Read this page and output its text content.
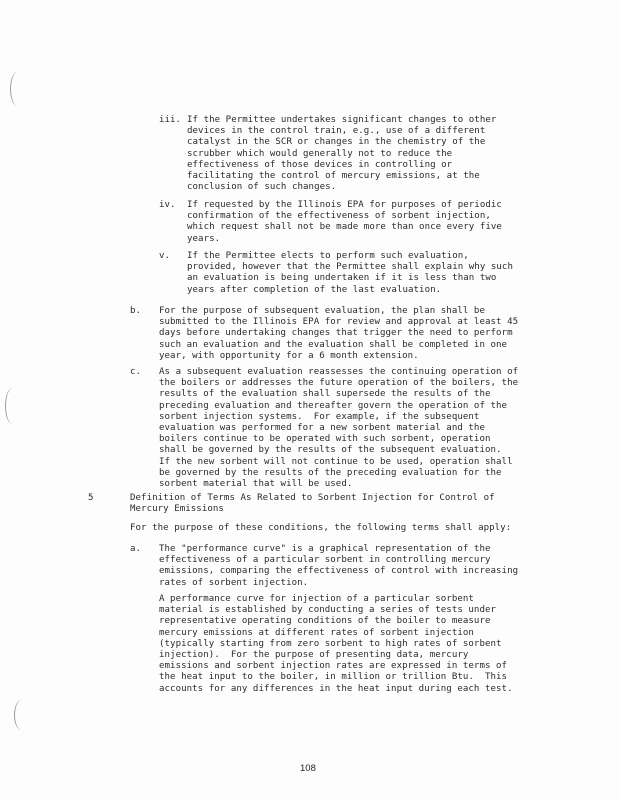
iii. If the Permittee undertakes significant changes to other
devices in the control train, e.g., use of a different
catalyst in the SCR or changes in the chemistry of the
scrubber which would generally not to reduce the
effectiveness of those devices in controlling or
facilitating the control of mercury emissions, at the
conclusion of such changes.
iv. If requested by the Illinois EPA for purposes of periodic
confirmation of the effectiveness of sorbent injection,
which request shall not be made more than once every five
years.
v. If the Permittee elects to perform such evaluation,
provided, however that the Permittee shall explain why such
an evaluation is being undertaken if it is less than two
years after completion of the last evaluation.
b. For the purpose of subsequent evaluation, the plan shall be
submitted to the Illinois EPA for review and approval at least 45
days before undertaking changes that trigger the need to perform
such an evaluation and the evaluation shall be completed in one
year, with opportunity for a 6 month extension.
c. As a subsequent evaluation reassesses the continuing operation of
the boilers or addresses the future operation of the boilers, the
results of the evaluation shall supersede the results of the
preceding evaluation and thereafter govern the operation of the
sorbent injection systems.  For example, if the subsequent
evaluation was performed for a new sorbent material and the
boilers continue to be operated with such sorbent, operation
shall be governed by the results of the subsequent evaluation.
If the new sorbent will not continue to be used, operation shall
be governed by the results of the preceding evaluation for the
sorbent material that will be used.
5	Definition of Terms As Related to Sorbent Injection for Control of
Mercury Emissions
For the purpose of these conditions, the following terms shall apply:
a. The "performance curve" is a graphical representation of the
effectiveness of a particular sorbent in controlling mercury
emissions, comparing the effectiveness of control with increasing
rates of sorbent injection.
A performance curve for injection of a particular sorbent
material is established by conducting a series of tests under
representative operating conditions of the boiler to measure
mercury emissions at different rates of sorbent injection
(typically starting from zero sorbent to high rates of sorbent
injection).  For the purpose of presenting data, mercury
emissions and sorbent injection rates are expressed in terms of
the heat input to the boiler, in million or trillion Btu.  This
accounts for any differences in the heat input during each test.
108
